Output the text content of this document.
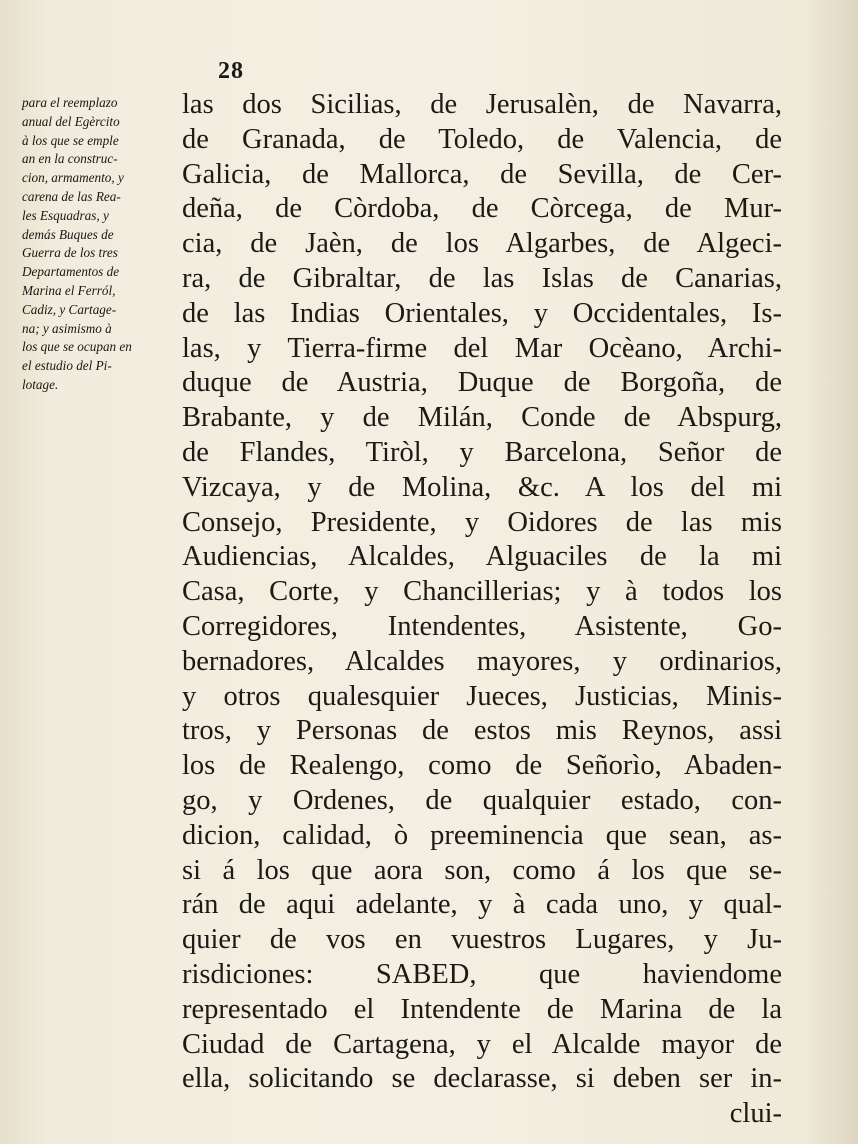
28
para el reemplazo
anual del Egèrcito
à los que se emple
an en la construc-
cion, armamento, y
carena de las Rea-
les Esquadras, y
demás Buques de
Guerra de los tres
Departamentos de
Marina el Ferról,
Cadiz, y Cartage-
na; y asimismo à
los que se ocupan en
el estudio del Pi-
lotage.
las dos Sicilias, de Jerusalèn, de Navarra,
de Granada, de Toledo, de Valencia, de
Galicia, de Mallorca, de Sevilla, de Cer-
deña, de Còrdoba, de Còrcega, de Mur-
cia, de Jaèn, de los Algarbes, de Algeci-
ra, de Gibraltar, de las Islas de Canarias,
de las Indias Orientales, y Occidentales, Is-
las, y Tierra-firme del Mar Ocèano, Archi-
duque de Austria, Duque de Borgoña, de
Brabante, y de Milán, Conde de Abspurg,
de Flandes, Tiròl, y Barcelona, Señor de
Vizcaya, y de Molina, &c. A los del mi
Consejo, Presidente, y Oidores de las mis
Audiencias, Alcaldes, Alguaciles de la mi
Casa, Corte, y Chancillerias; y à todos los
Corregidores, Intendentes, Asistente, Go-
bernadores, Alcaldes mayores, y ordinarios,
y otros qualesquier Jueces, Justicias, Minis-
tros, y Personas de estos mis Reynos, assi
los de Realengo, como de Señorìo, Abaden-
go, y Ordenes, de qualquier estado, con-
dicion, calidad, ò preeminencia que sean, as-
si á los que aora son, como á los que se-
rán de aqui adelante, y à cada uno, y qual-
quier de vos en vuestros Lugares, y Ju-
risdiciones: SABED, que haviendome
representado el Intendente de Marina de la
Ciudad de Cartagena, y el Alcalde mayor de
ella, solicitando se declarasse, si deben ser in-
clui-
